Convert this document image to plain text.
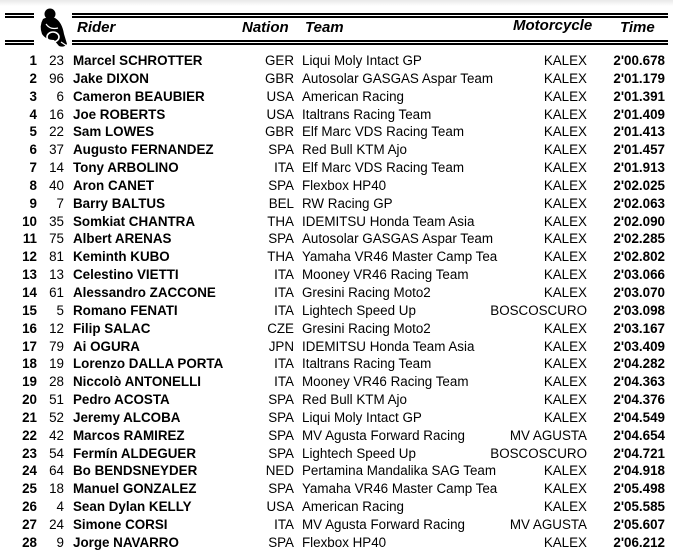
Rider	Nation Team	Motorcycle Time
1 23 Marcel SCHROTTER	GER Liqui Moly Intact GP	KALEX 2'00.678
2 96 Jake DIXON	GBR Autosolar GASGAS Aspar Team	KALEX 2'01.179
3 6 Cameron BEAUBIER	USA American Racing	KALEX 2'01.391
4 16 Joe ROBERTS	USA Italtrans Racing Team	KALEX 2'01.409
5 22 Sam LOWES	GBR Elf Marc VDS Racing Team	KALEX 2'01.413
6 37 Augusto FERNANDEZ	SPA Red Bull KTM Ajo	KALEX 2'01.457
7 14 Tony ARBOLINO	ITA Elf Marc VDS Racing Team	KALEX 2'01.913
8 40 Aron CANET	SPA Flexbox HP40	KALEX 2'02.025
9 7 Barry BALTUS	BEL RW Racing GP	KALEX 2'02.063
10 35 Somkiat CHANTRA	THA IDEMITSU Honda Team Asia	KALEX 2'02.090
11 75 Albert ARENAS	SPA Autosolar GASGAS Aspar Team	KALEX 2'02.285
12 81 Keminth KUBO	THA Yamaha VR46 Master Camp Tea	KALEX 2'02.802
13 13 Celestino VIETTI	ITA Mooney VR46 Racing Team	KALEX 2'03.066
14 61 Alessandro ZACCONE	ITA Gresini Racing Moto2	KALEX 2'03.070
15 5 Romano FENATI	ITA Lightech Speed Up	BOSCOSCURO 2'03.098
16 12 Filip SALAC	CZE Gresini Racing Moto2	KALEX 2'03.167
17 79 Ai OGURA	JPN IDEMITSU Honda Team Asia	KALEX 2'03.409
18 19 Lorenzo DALLA PORTA	ITA Italtrans Racing Team	KALEX 2'04.282
19 28 Niccolò ANTONELLI	ITA Mooney VR46 Racing Team	KALEX 2'04.363
20 51 Pedro ACOSTA	SPA Red Bull KTM Ajo	KALEX 2'04.376
21 52 Jeremy ALCOBA	SPA Liqui Moly Intact GP	KALEX 2'04.549
22 42 Marcos RAMIREZ	SPA MV Agusta Forward Racing	MV AGUSTA 2'04.654
23 54 Fermín ALDEGUER	SPA Lightech Speed Up	BOSCOSCURO 2'04.721
24 64 Bo BENDSNEYDER	NED Pertamina Mandalika SAG Team	KALEX 2'04.918
25 18 Manuel GONZALEZ	SPA Yamaha VR46 Master Camp Tea	KALEX 2'05.498
26 4 Sean Dylan KELLY	USA American Racing	KALEX 2'05.585
27 24 Simone CORSI	ITA MV Agusta Forward Racing	MV AGUSTA 2'05.607
28 9 Jorge NAVARRO	SPA Flexbox HP40	KALEX 2'06.212
